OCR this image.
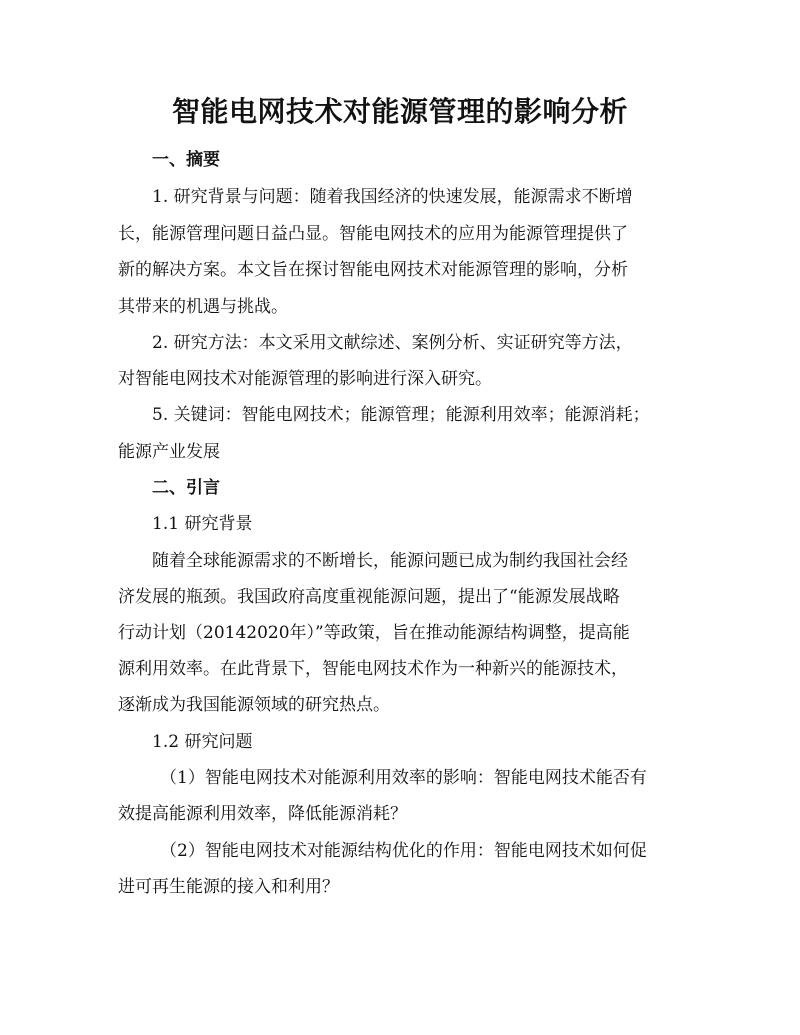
智能电网技术对能源管理的影响分析
一、摘要
1. 研究背景与问题：随着我国经济的快速发展，能源需求不断增
长，能源管理问题日益凸显。智能电网技术的应用为能源管理提供了
新的解决方案。本文旨在探讨智能电网技术对能源管理的影响，分析
其带来的机遇与挑战。
2. 研究方法：本文采用文献综述、案例分析、实证研究等方法，
对智能电网技术对能源管理的影响进行深入研究。
5. 关键词：智能电网技术；能源管理；能源利用效率；能源消耗；
能源产业发展
二、引言
1.1 研究背景
随着全球能源需求的不断增长，能源问题已成为制约我国社会经
济发展的瓶颈。我国政府高度重视能源问题，提出了“能源发展战略
行动计划（20142020年）”等政策，旨在推动能源结构调整，提高能
源利用效率。在此背景下，智能电网技术作为一种新兴的能源技术，
逐渐成为我国能源领域的研究热点。
1.2 研究问题
（1）智能电网技术对能源利用效率的影响：智能电网技术能否有
效提高能源利用效率，降低能源消耗？
（2）智能电网技术对能源结构优化的作用：智能电网技术如何促
进可再生能源的接入和利用？
